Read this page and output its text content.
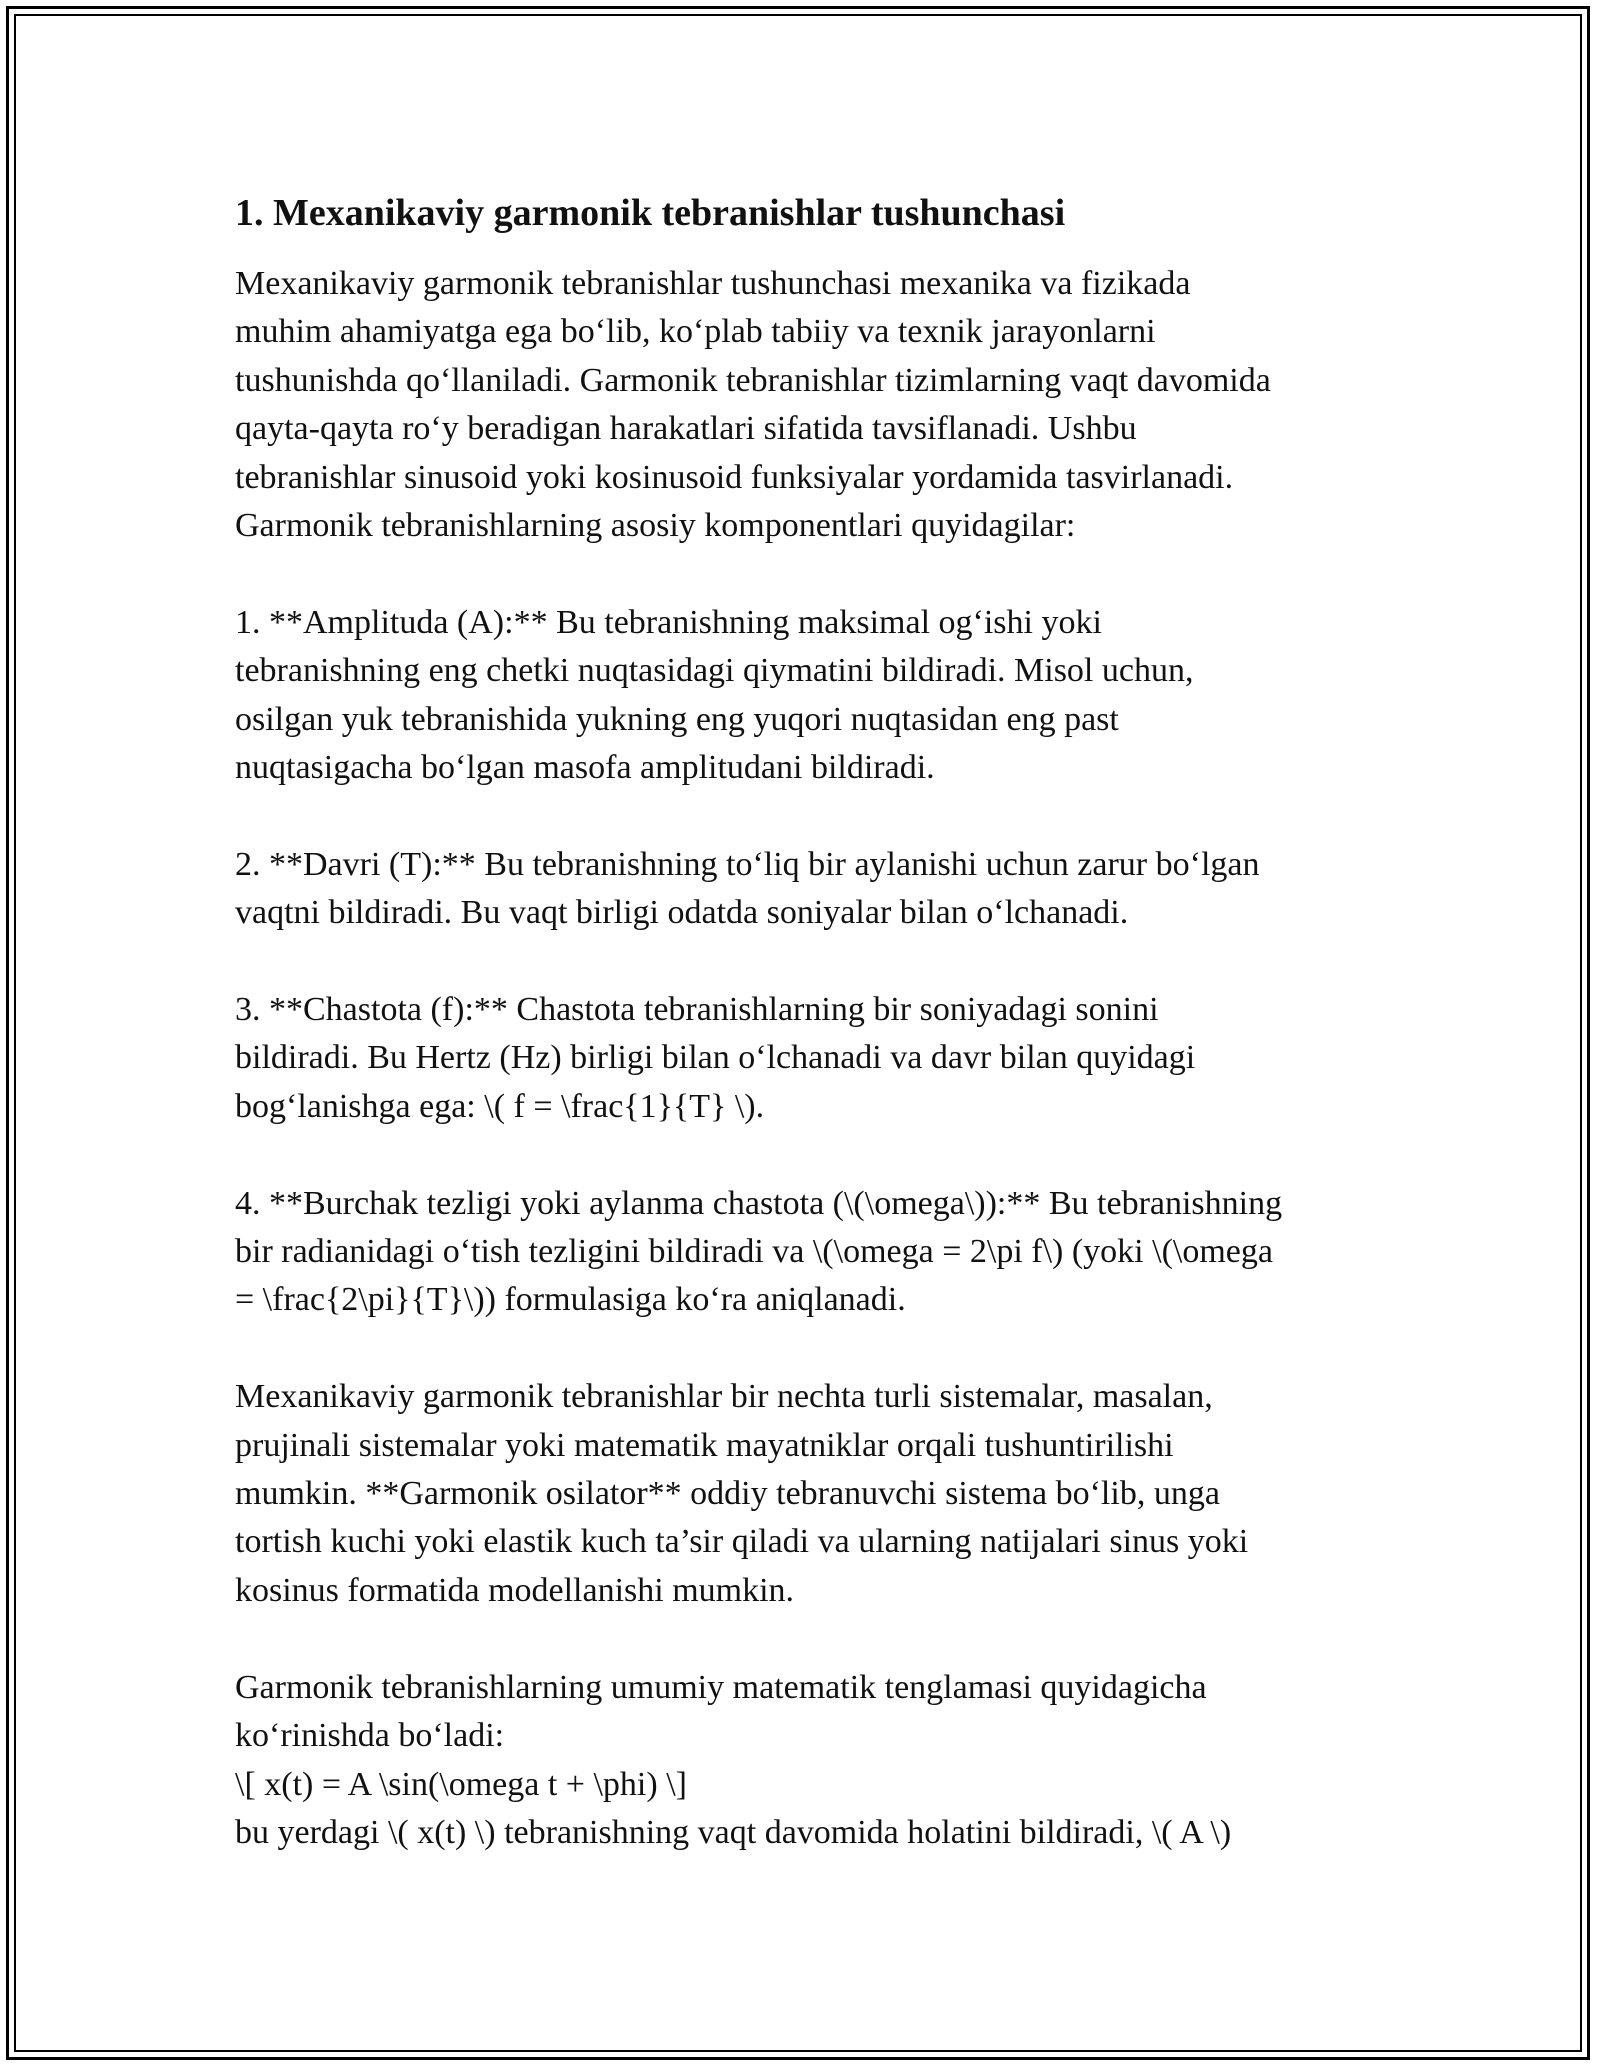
1. Mexanikaviy garmonik tebranishlar tushunchasi

Mexanikaviy garmonik tebranishlar tushunchasi mexanika va fizikada
muhim ahamiyatga ega bo‘lib, ko‘plab tabiiy va texnik jarayonlarni
tushunishda qo‘llaniladi. Garmonik tebranishlar tizimlarning vaqt davomida
qayta-qayta ro‘y beradigan harakatlari sifatida tavsiflanadi. Ushbu
tebranishlar sinusoid yoki kosinusoid funksiyalar yordamida tasvirlanadi.
Garmonik tebranishlarning asosiy komponentlari quyidagilar:

1. **Amplituda (A):** Bu tebranishning maksimal og‘ishi yoki
tebranishning eng chetki nuqtasidagi qiymatini bildiradi. Misol uchun,
osilgan yuk tebranishida yukning eng yuqori nuqtasidan eng past
nuqtasigacha bo‘lgan masofa amplitudani bildiradi.

2. **Davri (T):** Bu tebranishning to‘liq bir aylanishi uchun zarur bo‘lgan
vaqtni bildiradi. Bu vaqt birligi odatda soniyalar bilan o‘lchanadi.

3. **Chastota (f):** Chastota tebranishlarning bir soniyadagi sonini
bildiradi. Bu Hertz (Hz) birligi bilan o‘lchanadi va davr bilan quyidagi
bog‘lanishga ega: \( f = \frac{1}{T} \).

4. **Burchak tezligi yoki aylanma chastota (\(\omega\)):** Bu tebranishning
bir radianidagi o‘tish tezligini bildiradi va \(\omega = 2\pi f\) (yoki \(\omega
= \frac{2\pi}{T}\)) formulasiga ko‘ra aniqlanadi.

Mexanikaviy garmonik tebranishlar bir nechta turli sistemalar, masalan,
prujinali sistemalar yoki matematik mayatniklar orqali tushuntirilishi
mumkin. **Garmonik osilator** oddiy tebranuvchi sistema bo‘lib, unga
tortish kuchi yoki elastik kuch ta’sir qiladi va ularning natijalari sinus yoki
kosinus formatida modellanishi mumkin.

Garmonik tebranishlarning umumiy matematik tenglamasi quyidagicha
ko‘rinishda bo‘ladi:
\[ x(t) = A \sin(\omega t + \phi) \]
bu yerdagi \( x(t) \) tebranishning vaqt davomida holatini bildiradi, \( A \)
